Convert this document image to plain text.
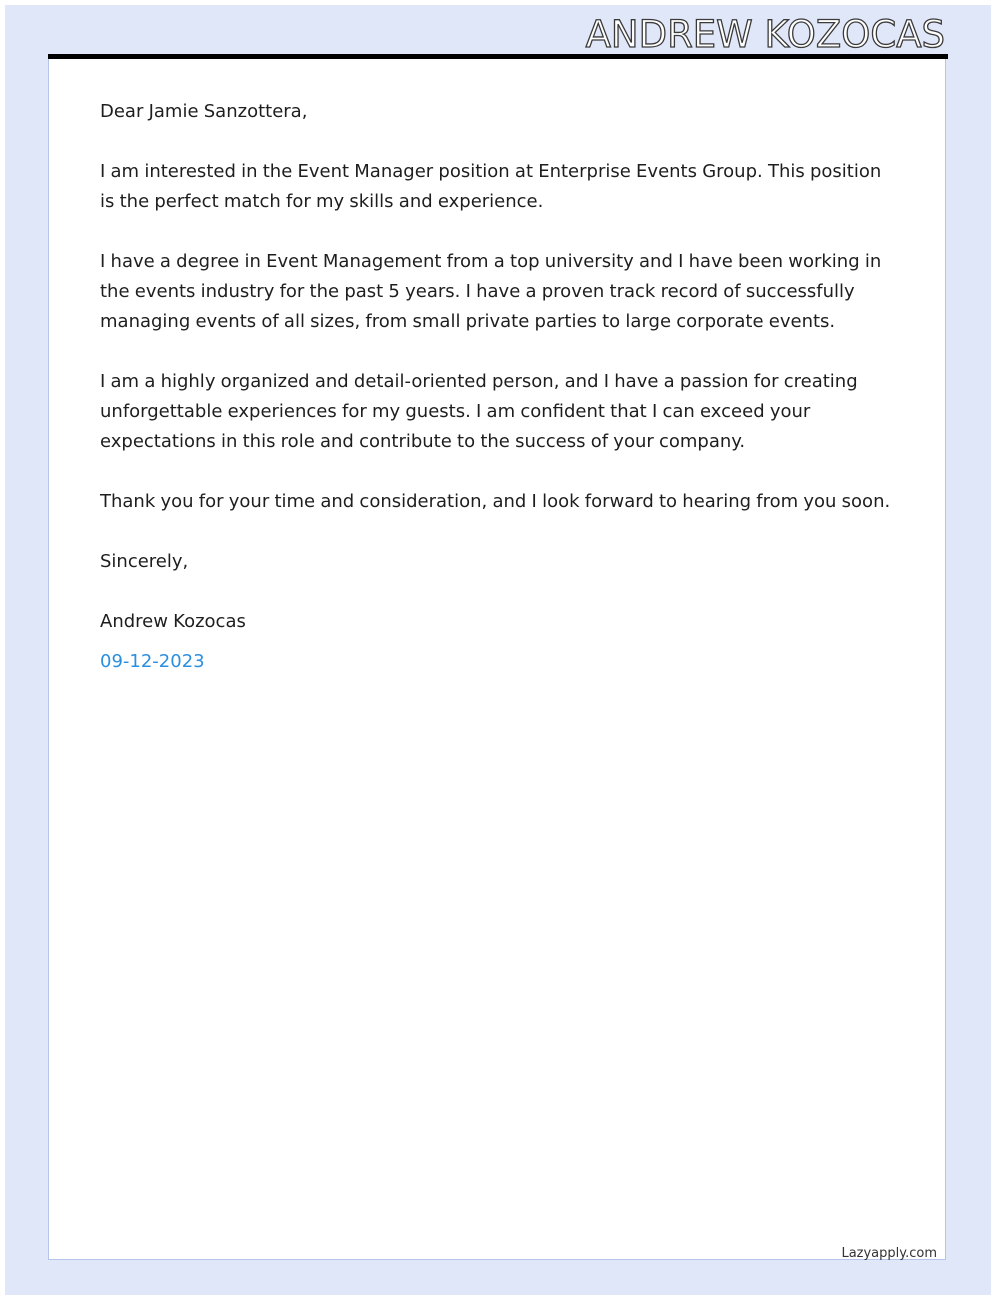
ANDREW KOZOCAS

Dear Jamie Sanzottera,

I am interested in the Event Manager position at Enterprise Events Group. This position is the perfect match for my skills and experience.

I have a degree in Event Management from a top university and I have been working in the events industry for the past 5 years. I have a proven track record of successfully managing events of all sizes, from small private parties to large corporate events.

I am a highly organized and detail-oriented person, and I have a passion for creating unforgettable experiences for my guests. I am confident that I can exceed your expectations in this role and contribute to the success of your company.

Thank you for your time and consideration, and I look forward to hearing from you soon.

Sincerely,

Andrew Kozocas

09-12-2023

Lazyapply.com
